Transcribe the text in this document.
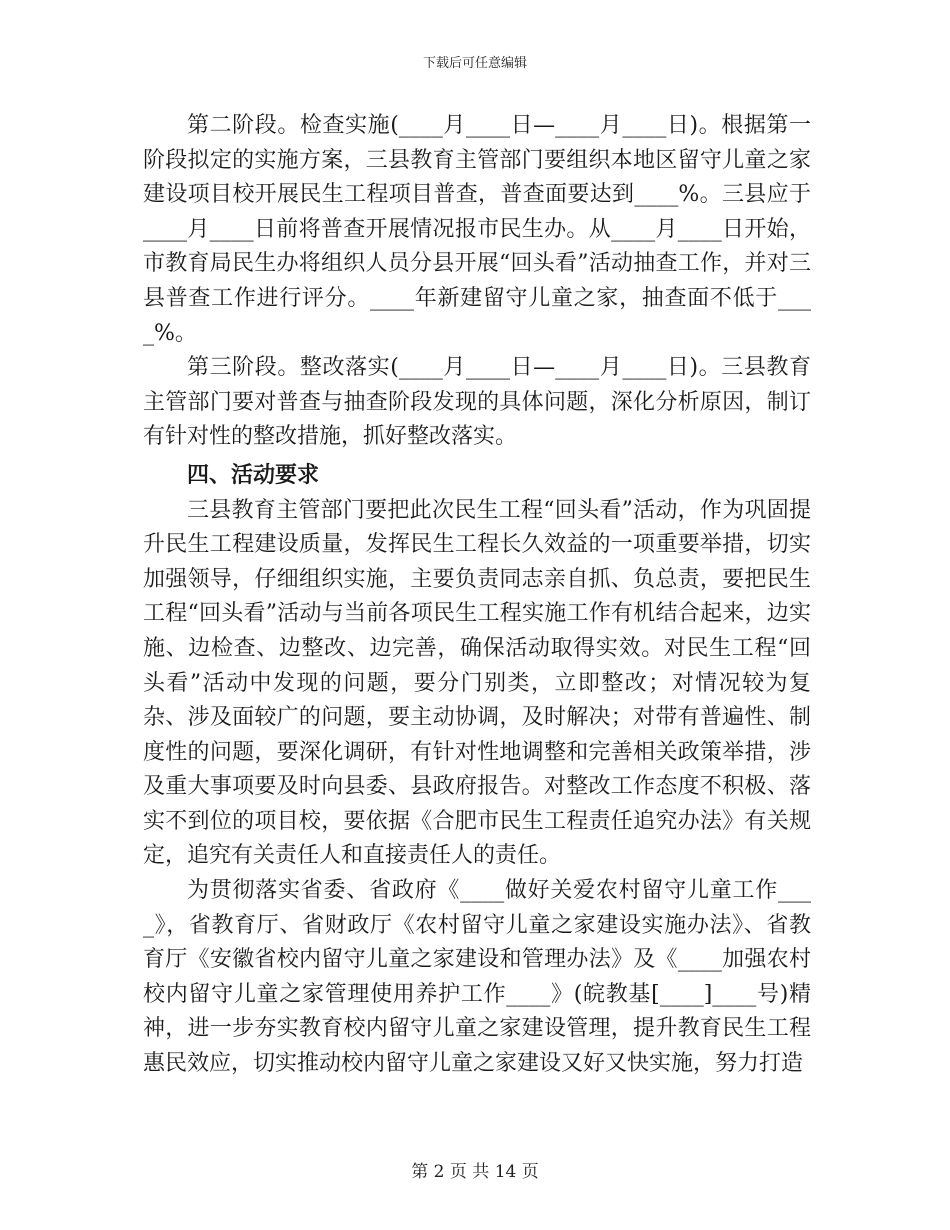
下载后可任意编辑

第二阶段。检查实施(____月____日—____月____日)。根据第一阶段拟定的实施方案，三县教育主管部门要组织本地区留守儿童之家建设项目校开展民生工程项目普查，普查面要达到____%。三县应于____月____日前将普查开展情况报市民生办。从____月____日开始，市教育局民生办将组织人员分县开展“回头看”活动抽查工作，并对三县普查工作进行评分。____年新建留守儿童之家，抽查面不低于____%。

第三阶段。整改落实(____月____日—____月____日)。三县教育主管部门要对普查与抽查阶段发现的具体问题，深化分析原因，制订有针对性的整改措施，抓好整改落实。

四、活动要求

三县教育主管部门要把此次民生工程“回头看”活动，作为巩固提升民生工程建设质量，发挥民生工程长久效益的一项重要举措，切实加强领导，仔细组织实施，主要负责同志亲自抓、负总责，要把民生工程“回头看”活动与当前各项民生工程实施工作有机结合起来，边实施、边检查、边整改、边完善，确保活动取得实效。对民生工程“回头看”活动中发现的问题，要分门别类，立即整改；对情况较为复杂、涉及面较广的问题，要主动协调，及时解决；对带有普遍性、制度性的问题，要深化调研，有针对性地调整和完善相关政策举措，涉及重大事项要及时向县委、县政府报告。对整改工作态度不积极、落实不到位的项目校，要依据《合肥市民生工程责任追究办法》有关规定，追究有关责任人和直接责任人的责任。

为贯彻落实省委、省政府《____做好关爱农村留守儿童工作____》，省教育厅、省财政厅《农村留守儿童之家建设实施办法》、省教育厅《安徽省校内留守儿童之家建设和管理办法》及《____加强农村校内留守儿童之家管理使用养护工作____》(皖教基[____]____号)精神，进一步夯实教育校内留守儿童之家建设管理，提升教育民生工程惠民效应，切实推动校内留守儿童之家建设又好又快实施，努力打造

第 2 页 共 14 页
